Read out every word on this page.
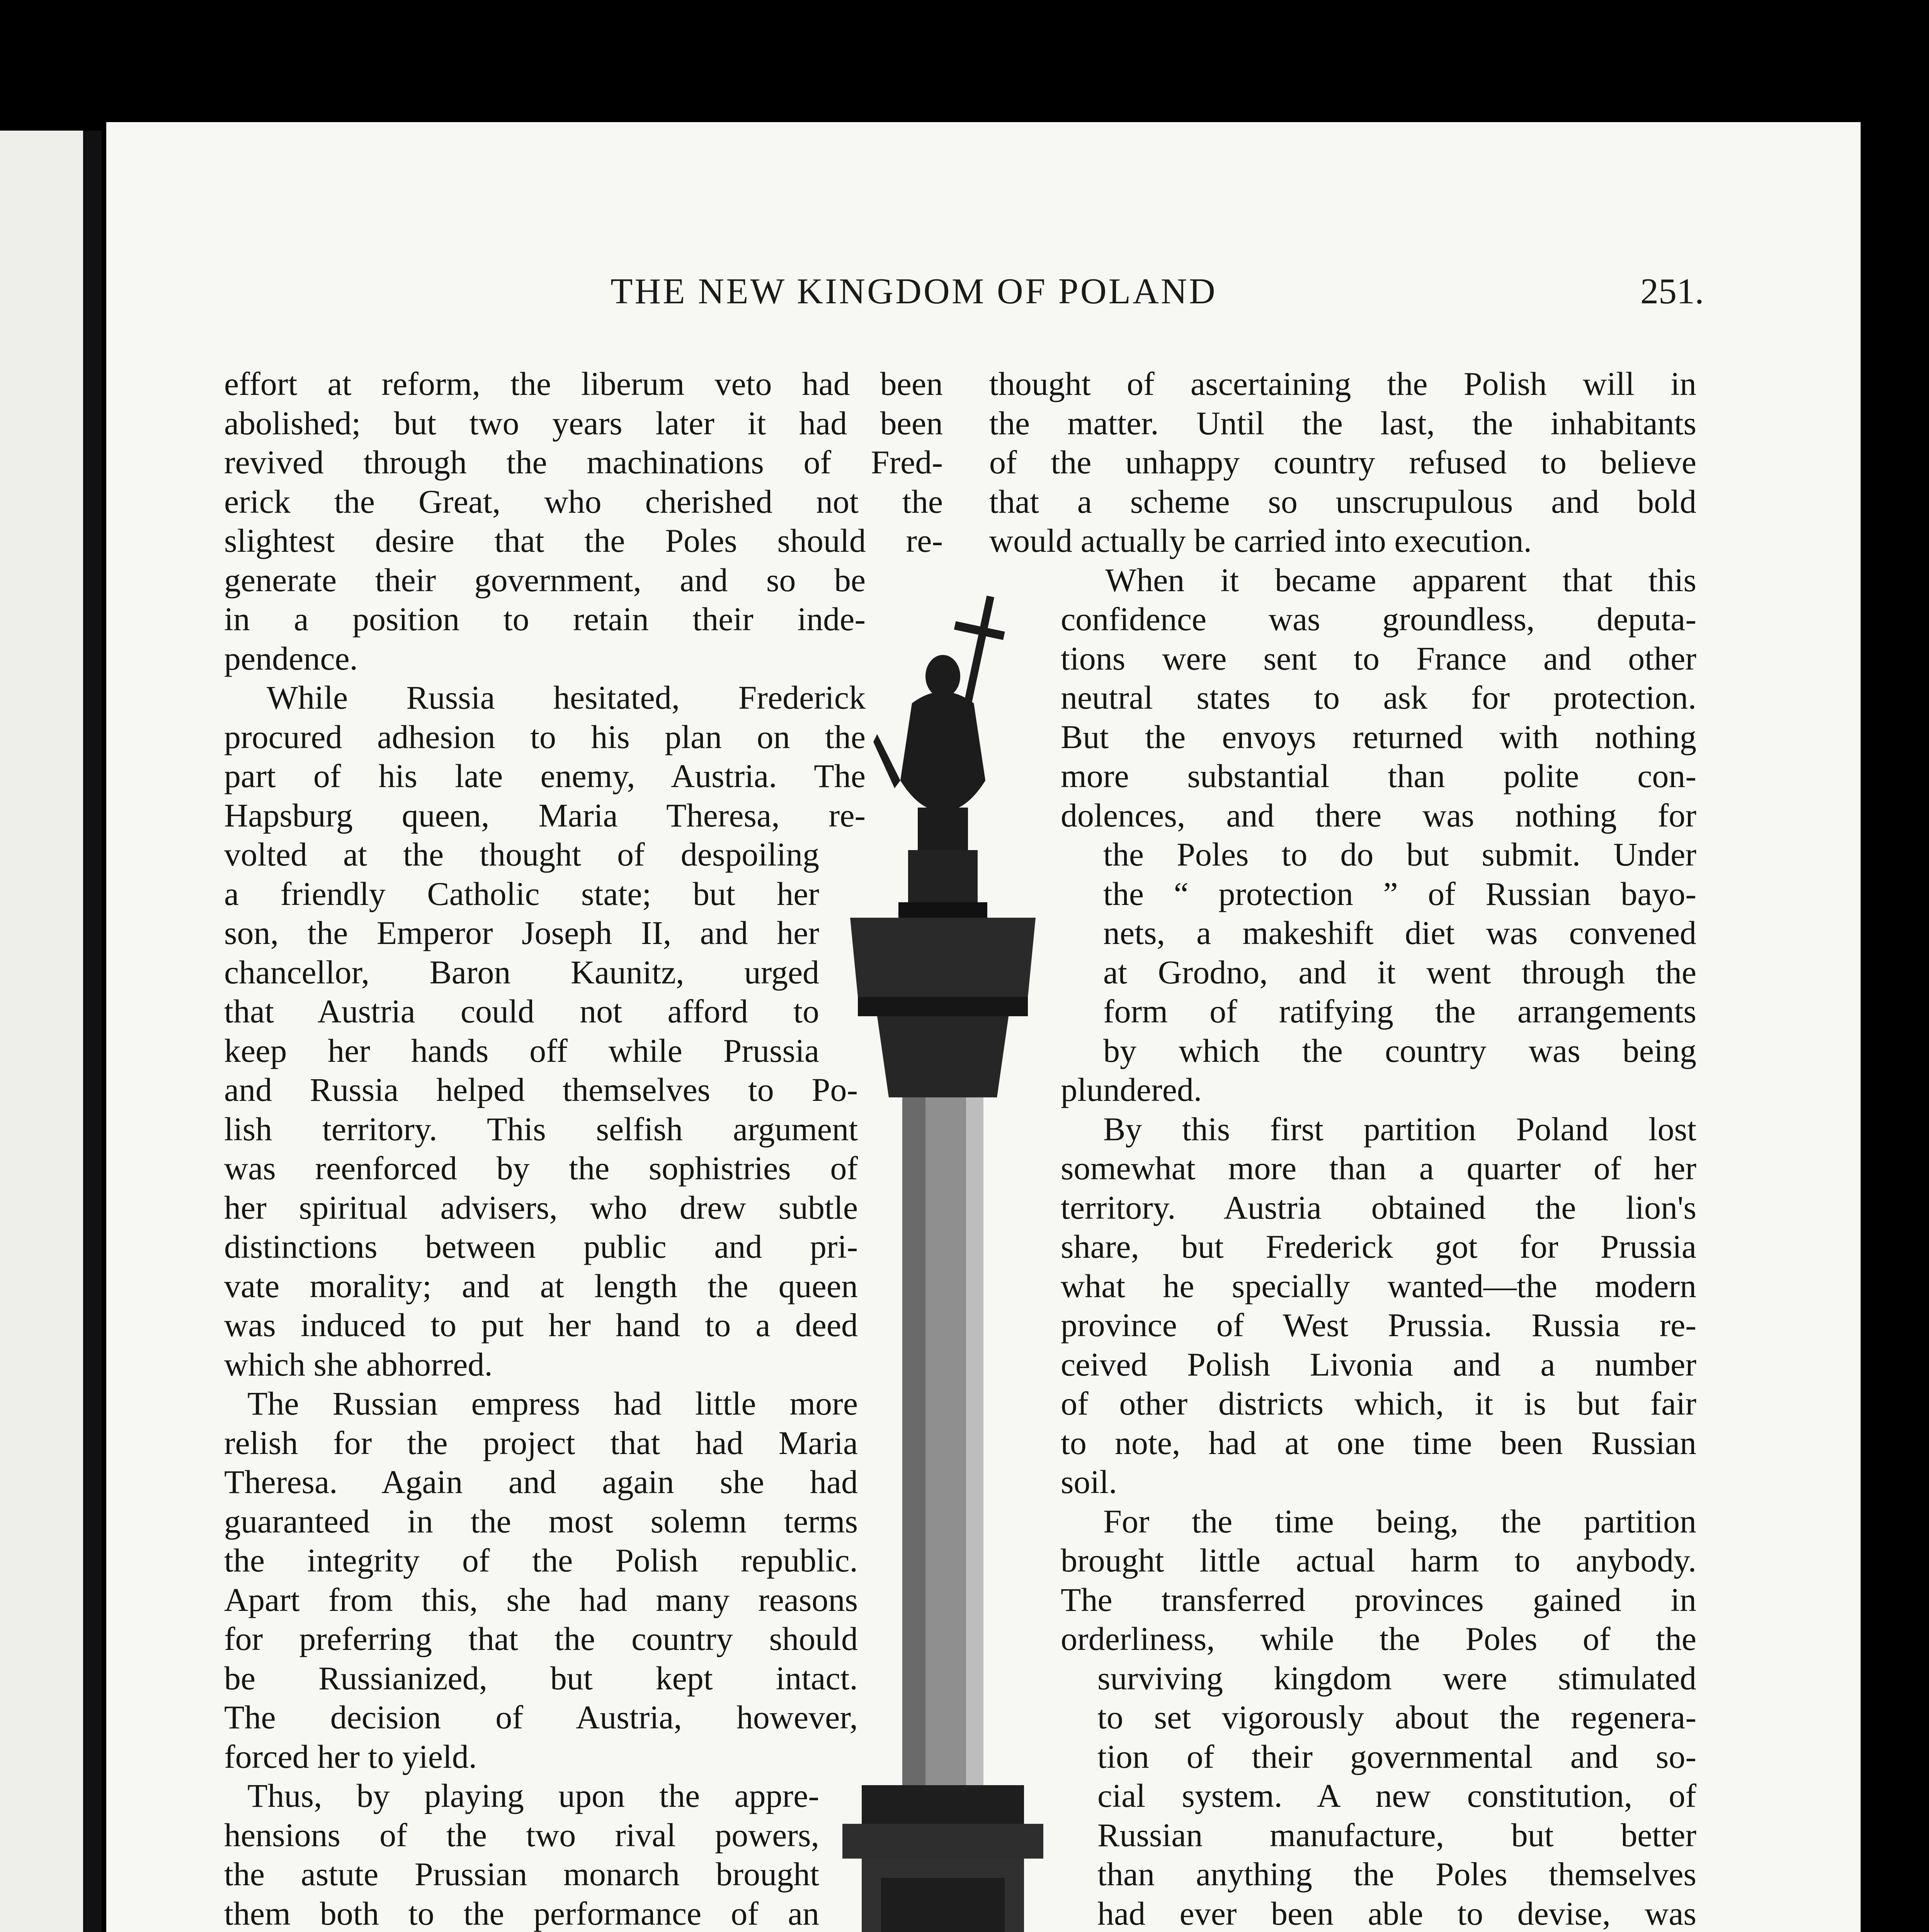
THE NEW KINGDOM OF POLAND	251.
effort at reform, the liberum veto had been
abolished; but two years later it had been
revived through the machinations of Fred-
erick the Great, who cherished not the
slightest desire that the Poles should re-
generate their government, and so be
in a position to retain their inde-
pendence.
While Russia hesitated, Frederick
procured adhesion to his plan on the
part of his late enemy, Austria. The
Hapsburg queen, Maria Theresa, re-
volted at the thought of despoiling
a friendly Catholic state; but her
son, the Emperor Joseph II, and her
chancellor, Baron Kaunitz, urged
that Austria could not afford to
keep her hands off while Prussia
and Russia helped themselves to Po-
lish territory. This selfish argument
was reenforced by the sophistries of
her spiritual advisers, who drew subtle
distinctions between public and pri-
vate morality; and at length the queen
was induced to put her hand to a deed
which she abhorred.
The Russian empress had little more
relish for the project that had Maria
Theresa. Again and again she had
guaranteed in the most solemn terms
the integrity of the Polish republic.
Apart from this, she had many reasons
for preferring that the country should
be Russianized, but kept intact.
The decision of Austria, however,
forced her to yield.
Thus, by playing upon the appre-
hensions of the two rival powers,
the astute Prussian monarch brought
them both to the performance of an
thought of ascertaining the Polish will in
the matter. Until the last, the inhabitants
of the unhappy country refused to believe
that a scheme so unscrupulous and bold
would actually be carried into execution.
When it became apparent that this
confidence was groundless, deputa-
tions were sent to France and other
neutral states to ask for protection.
But the envoys returned with nothing
more substantial than polite con-
dolences, and there was nothing for
the Poles to do but submit. Under
the “ protection ” of Russian bayo-
nets, a makeshift diet was convened
at Grodno, and it went through the
form of ratifying the arrangements
by which the country was being
plundered.
By this first partition Poland lost
somewhat more than a quarter of her
territory. Austria obtained the lion's
share, but Frederick got for Prussia
what he specially wanted—the modern
province of West Prussia. Russia re-
ceived Polish Livonia and a number
of other districts which, it is but fair
to note, had at one time been Russian
soil.
For the time being, the partition
brought little actual harm to anybody.
The transferred provinces gained in
orderliness, while the Poles of the
surviving kingdom were stimulated
to set vigorously about the regenera-
tion of their governmental and so-
cial system. A new constitution, of
Russian manufacture, but better
than anything the Poles themselves
had ever been able to devise, was
